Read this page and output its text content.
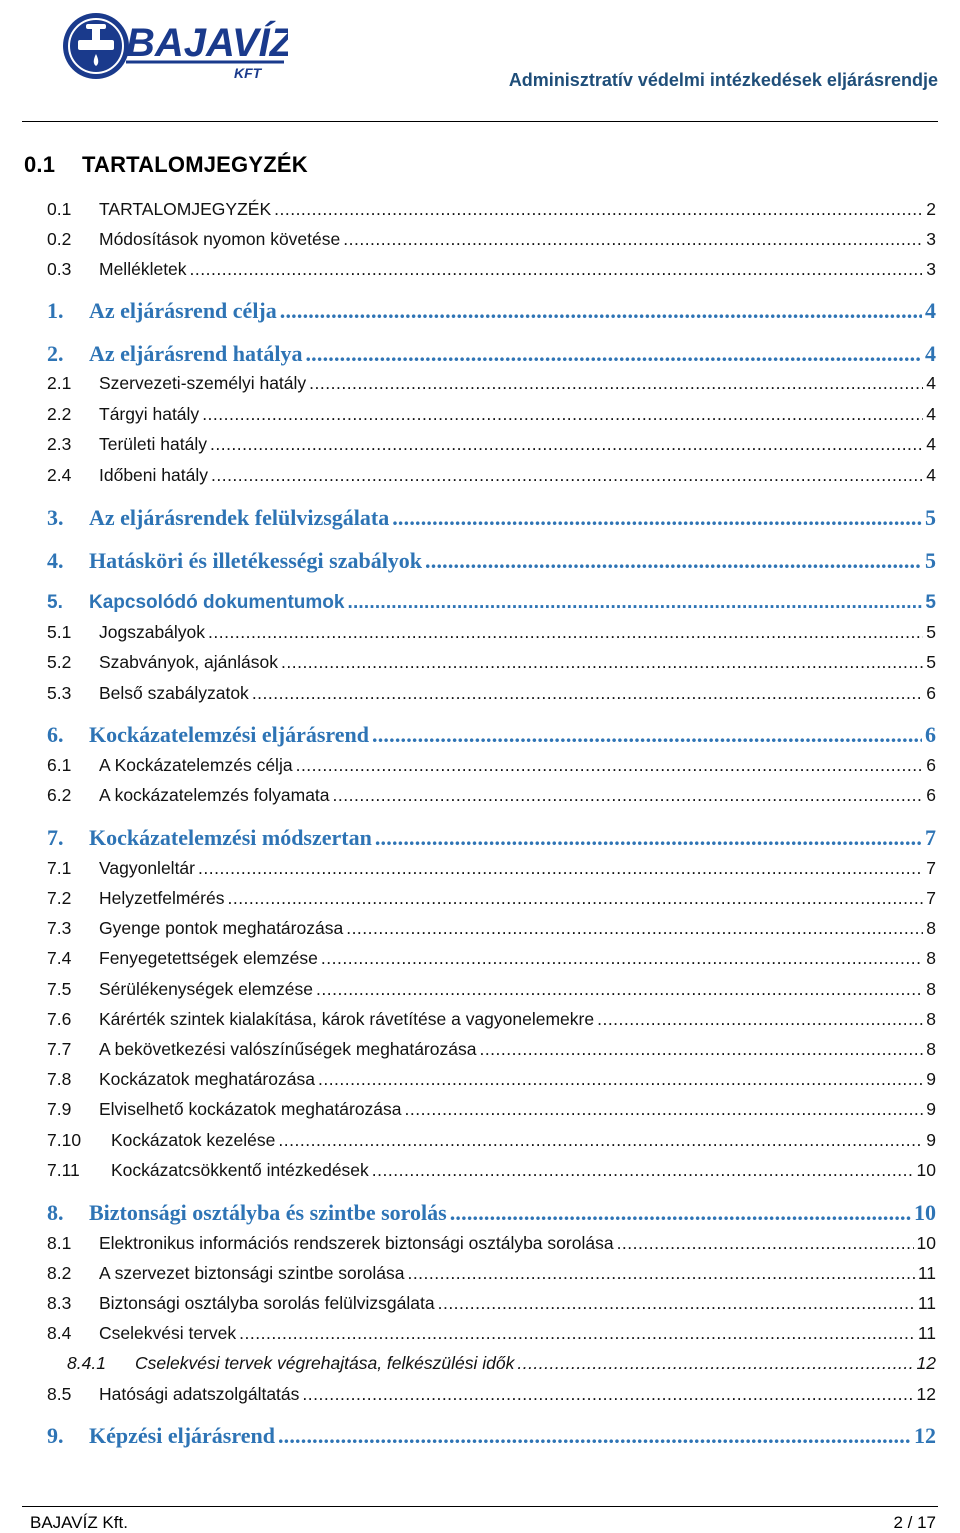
BAJAVÍZ
KFT	Adminisztratív védelmi intézkedések eljárásrendje
0.1 TARTALOMJEGYZÉK
0.1	TARTALOMJEGYZÉK .....	2
0.2	Módosítások nyomon követése .....	3
0.3	Mellékletek .....	3
1.	Az eljárásrend célja .....	4
2.	Az eljárásrend hatálya .....	4
2.1	Szervezeti-személyi hatály .....	4
2.2	Tárgyi hatály .....	4
2.3	Területi hatály .....	4
2.4	Időbeni hatály .....	4
3.	Az eljárásrendek felülvizsgálata .....	5
4.	Hatásköri és illetékességi szabályok .....	5
5.	Kapcsolódó dokumentumok .....	5
5.1	Jogszabályok .....	5
5.2	Szabványok, ajánlások .....	5
5.3	Belső szabályzatok .....	6
6.	Kockázatelemzési eljárásrend .....	6
6.1	A Kockázatelemzés célja .....	6
6.2	A kockázatelemzés folyamata .....	6
7.	Kockázatelemzési módszertan .....	7
7.1	Vagyonleltár .....	7
7.2	Helyzetfelmérés .....	7
7.3	Gyenge pontok meghatározása .....	8
7.4	Fenyegetettségek elemzése .....	8
7.5	Sérülékenységek elemzése .....	8
7.6	Kárérték szintek kialakítása, károk rávetítése a vagyonelemekre .....	8
7.7	A bekövetkezési valószínűségek meghatározása .....	8
7.8	Kockázatok meghatározása .....	9
7.9	Elviselhető kockázatok meghatározása .....	9
7.10	Kockázatok kezelése .....	9
7.11	Kockázatcsökkentő intézkedések .....	10
8.	Biztonsági osztályba és szintbe sorolás .....	10
8.1	Elektronikus információs rendszerek biztonsági osztályba sorolása .....	10
8.2	A szervezet biztonsági szintbe sorolása .....	11
8.3	Biztonsági osztályba sorolás felülvizsgálata .....	11
8.4	Cselekvési tervek .....	11
8.4.1	Cselekvési tervek végrehajtása, felkészülési idők .....	12
8.5	Hatósági adatszolgáltatás .....	12
9.	Képzési eljárásrend .....	12
BAJAVÍZ Kft.	2 / 17
